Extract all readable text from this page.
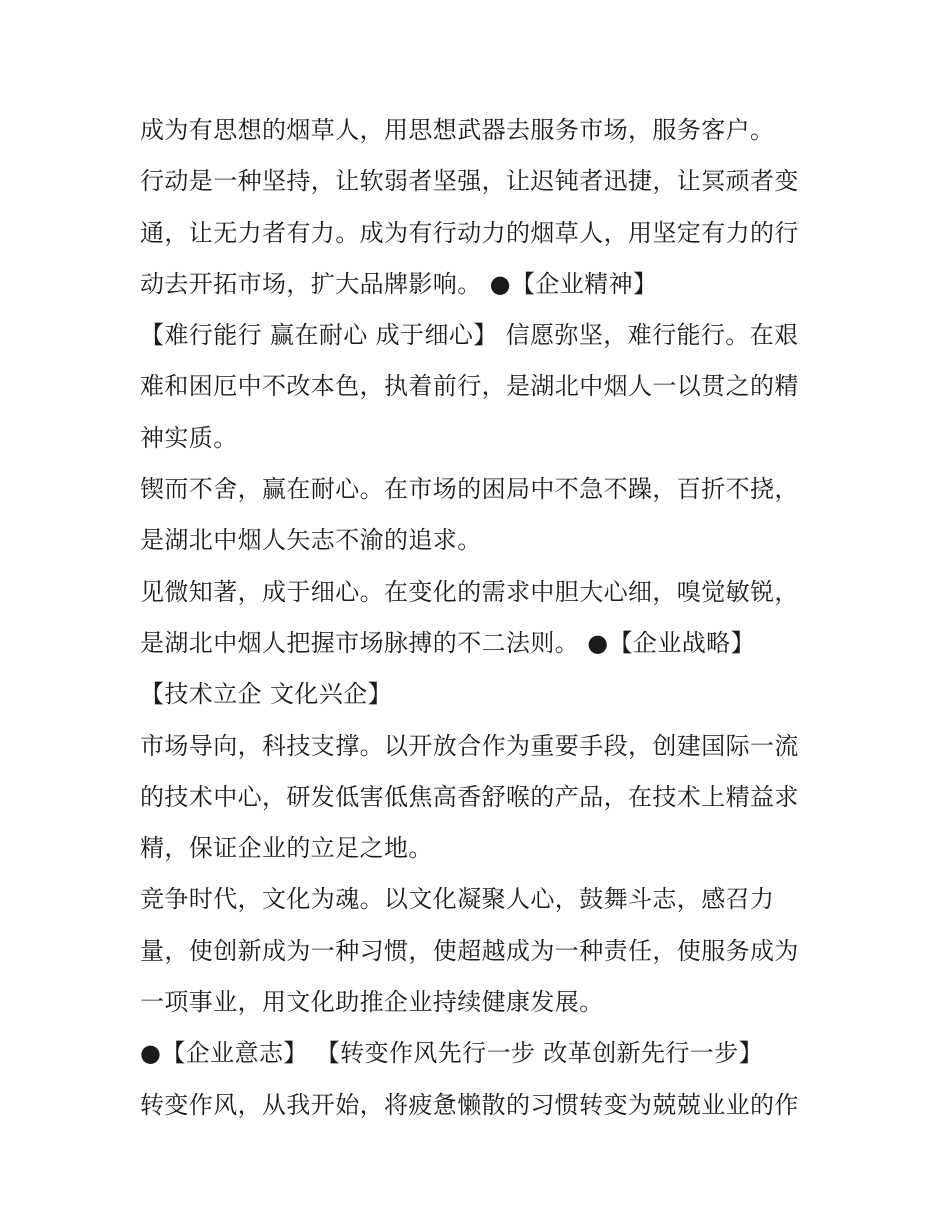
成为有思想的烟草人，用思想武器去服务市场，服务客户。
行动是一种坚持，让软弱者坚强，让迟钝者迅捷，让冥顽者变
通，让无力者有力。成为有行动力的烟草人，用坚定有力的行
动去开拓市场，扩大品牌影响。 ●【企业精神】
【难行能行 赢在耐心 成于细心】 信愿弥坚，难行能行。在艰
难和困厄中不改本色，执着前行，是湖北中烟人一以贯之的精
神实质。
锲而不舍，赢在耐心。在市场的困局中不急不躁，百折不挠，
是湖北中烟人矢志不渝的追求。
见微知著，成于细心。在变化的需求中胆大心细，嗅觉敏锐，
是湖北中烟人把握市场脉搏的不二法则。 ●【企业战略】
【技术立企 文化兴企】
市场导向，科技支撑。以开放合作为重要手段，创建国际一流
的技术中心，研发低害低焦高香舒喉的产品，在技术上精益求
精，保证企业的立足之地。
竞争时代，文化为魂。以文化凝聚人心，鼓舞斗志，感召力
量，使创新成为一种习惯，使超越成为一种责任，使服务成为
一项事业，用文化助推企业持续健康发展。
●【企业意志】 【转变作风先行一步 改革创新先行一步】
转变作风，从我开始，将疲惫懒散的习惯转变为兢兢业业的作
